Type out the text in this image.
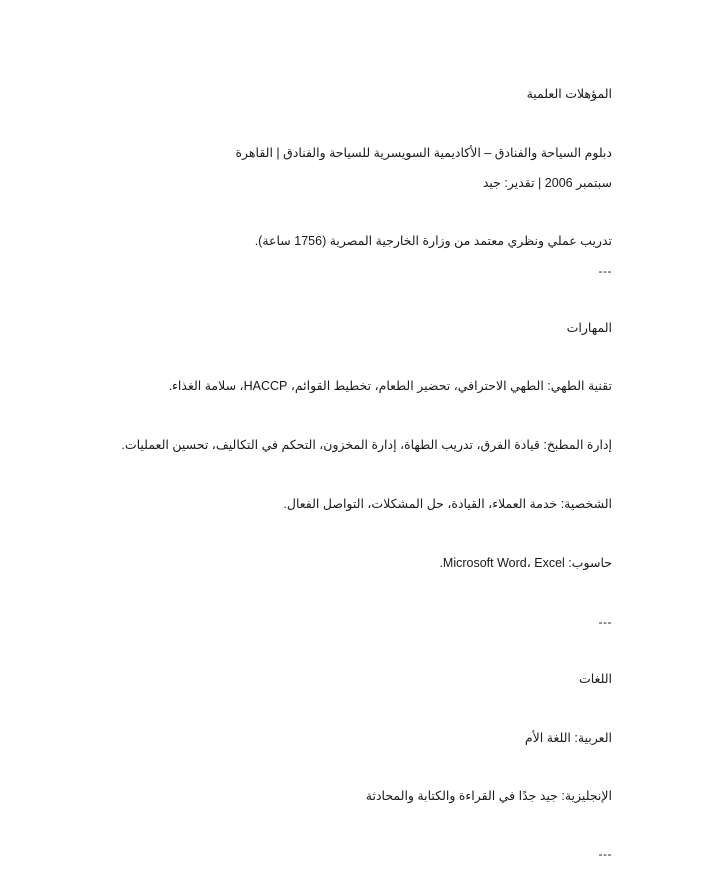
المؤهلات العلمية
دبلوم السياحة والفنادق – الأكاديمية السويسرية للسياحة والفنادق | القاهرة
سبتمبر 2006 | تقدير: جيد
تدريب عملي ونظري معتمد من وزارة الخارجية المصرية (1756 ساعة).
---
المهارات
تقنية الطهي: الطهي الاحترافي، تحضير الطعام، تخطيط القوائم، HACCP، سلامة الغذاء.
إدارة المطبخ: قيادة الفرق، تدريب الطهاة، إدارة المخزون، التحكم في التكاليف، تحسين العمليات.
الشخصية: خدمة العملاء، القيادة، حل المشكلات، التواصل الفعال.
حاسوب: Microsoft Word، Excel.
---
اللغات
العربية: اللغة الأم
الإنجليزية: جيد جدًا في القراءة والكتابة والمحادثة
---
